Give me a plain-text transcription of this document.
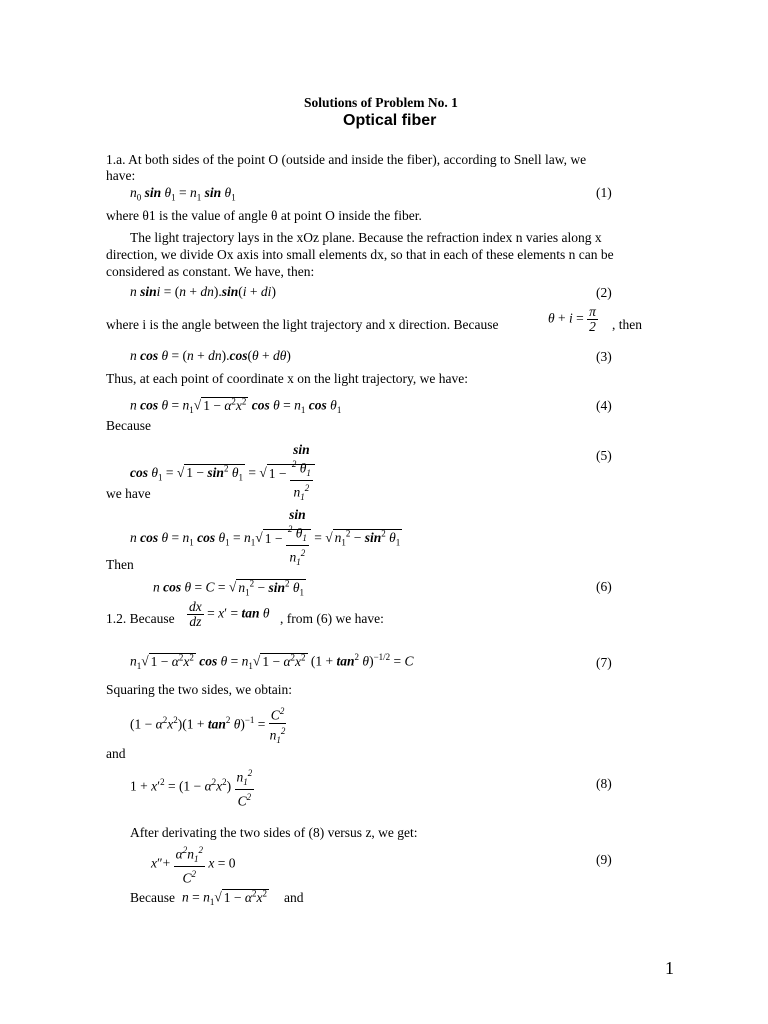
Solutions of Problem No. 1
Optical fiber
1.a. At both sides of the point O (outside and inside the fiber), according to Snell law, we
have:
$n_0$ $\sin \theta_1 = n_1$ $\sin \theta_1$	(1)
where θ1 is the value of angle θ at point O inside the fiber.
The light trajectory lays in the xOz plane. Because the refraction index n varies along x
direction, we divide Ox axis into small elements dx, so that in each of these elements n can be
considered as constant. We have, then:
n sini = (n + dn).sin(i + di)	(2)
where i is the angle between the light trajectory and x direction. Because	$\theta + i = \frac{\pi}{2}$ , then
n cos θ = (n + dn).cos(θ + dθ)	(3)
Thus, at each point of coordinate x on the light trajectory, we have:
n $\cos \theta = n_1√$ $1 - \alpha^2x^2$ $\cos \theta = n_1$ $\cos \theta_1$	(4)
Because
$\cos \theta_1$ = √ $1 - \sin^2 \theta_1$ = √ 1 − sin
$^2$ $\theta_1$
$n_1^2$	(5)
we have
n $\cos \theta = n_1$ $\cos \theta_1 = n_1√$ 1 − sin
$^2$ $\theta_1$
$n_1^2$ = √ $n_1^2 - \sin^2 \theta_1$
Then
n cos θ = C = √ $n_1^2 - \sin^2 \theta_1$	(6)
1.2. Because $\frac{dx}{dz} = x' = \tan \theta$ , from (6) we have:
$n_1√$ $1 - \alpha^2x^2$ $\cos \theta = n_1√$ $1 - \alpha^2x^2$ $(1 + \tan^2 \theta)^{-1/2} = C$	(7)
Squaring the two sides, we obtain:
$(1 - \alpha^2x^2)(1 + \tan^2 \theta)^{-1} = \frac{C^2}{n_1^2}$
and
$1 + x'^2 = (1 - \alpha^2x^2) \frac{n_1^2}{C^2}$	(8)
After derivating the two sides of (8) versus z, we get:
$x''+ \frac{\alpha^2n_1^2}{C^2}$ x = 0	(9)
Because $n = n_1√$ $1 - \alpha^2x^2$ and
1
